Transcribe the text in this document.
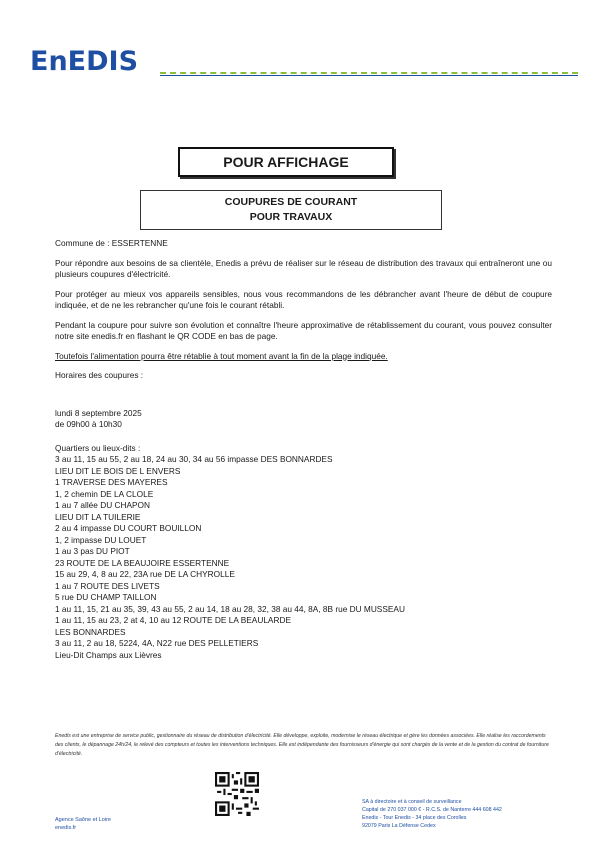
EnEDIS
POUR AFFICHAGE
COUPURES DE COURANT
POUR TRAVAUX
Commune de : ESSERTENNE

Pour répondre aux besoins de sa clientèle, Enedis a prévu de réaliser sur le réseau de distribution des travaux qui entraîneront une ou plusieurs coupures d'électricité.

Pour protéger au mieux vos appareils sensibles, nous vous recommandons de les débrancher avant l'heure de début de coupure indiquée, et de ne les rebrancher qu'une fois le courant rétabli.

Pendant la coupure pour suivre son évolution et connaître l'heure approximative de rétablissement du courant, vous pouvez consulter notre site enedis.fr en flashant le QR CODE en bas de page.

Toutefois l'alimentation pourra être rétablie à tout moment avant la fin de la plage indiquée.

Horaires des coupures :
lundi 8 septembre 2025
de 09h00 à 10h30
Quartiers ou lieux-dits :
3 au 11, 15 au 55, 2 au 18, 24 au 30, 34 au 56 impasse DES BONNARDES
LIEU DIT LE BOIS DE L ENVERS
1 TRAVERSE DES MAYERES
1, 2 chemin DE LA CLOLE
1 au 7 allée DU CHAPON
LIEU DIT LA TUILERIE
2 au 4 impasse DU COURT BOUILLON
1, 2 impasse DU LOUET
1 au 3 pas DU PIOT
23 ROUTE DE LA BEAUJOIRE ESSERTENNE
15 au 29, 4, 8 au 22, 23A rue DE LA CHYROLLE
1 au 7 ROUTE DES LIVETS
5 rue DU CHAMP TAILLON
1 au 11, 15, 21 au 35, 39, 43 au 55, 2 au 14, 18 au 28, 32, 38 au 44, 8A, 8B rue DU MUSSEAU
1 au 11, 15 au 23, 2 at 4, 10 au 12 ROUTE DE LA BEAULARDE
LES BONNARDES
3 au 11, 2 au 18, 5224, 4A, N22 rue DES PELLETIERS
Lieu-Dit Champs aux Lièvres
Enedis est une entreprise de service public, gestionnaire du réseau de distribution d'électricité. Elle développe, exploite, modernise le réseau électrique et gère les données associées. Elle réalise les raccordements des clients, le dépannage 24h/24, le relevé des compteurs et toutes les interventions techniques. Elle est indépendante des fournisseurs d'énergie qui sont chargés de la vente et de la gestion du contrat de fourniture d'électricité.
Agence Saône et Loire
enedis.fr
SA à directoire et à conseil de surveillance
Capital de 270 037 000 € - R.C.S. de Nanterre 444 608 442
Enedis - Tour Enedis - 34 place des Corolles
92079 Paris La Défense Cedex
